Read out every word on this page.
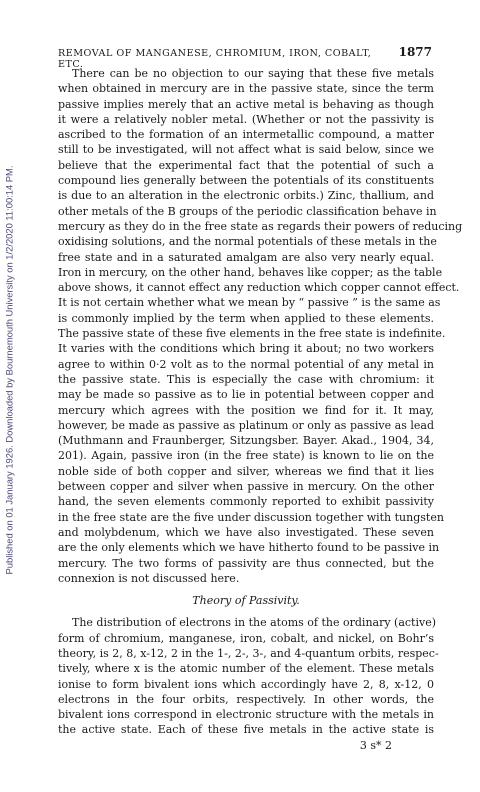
Published on 01 January 1926. Downloaded by Bournemouth University on 1/2/2020 11:00:14 PM.
REMOVAL OF MANGANESE, CHROMIUM, IRON, COBALT, ETC.
1877
There can be no objection to our saying that these five metals
when obtained in mercury are in the passive state, since the term
passive implies merely that an active metal is behaving as though
it were a relatively nobler metal. (Whether or not the passivity is
ascribed to the formation of an intermetallic compound, a matter
still to be investigated, will not affect what is said below, since we
believe that the experimental fact that the potential of such a
compound lies generally between the potentials of its constituents
is due to an alteration in the electronic orbits.) Zinc, thallium, and
other metals of the B groups of the periodic classification behave in
mercury as they do in the free state as regards their powers of reducing
oxidising solutions, and the normal potentials of these metals in the
free state and in a saturated amalgam are also very nearly equal.
Iron in mercury, on the other hand, behaves like copper; as the table
above shows, it cannot effect any reduction which copper cannot effect.
It is not certain whether what we mean by “ passive ” is the same as
is commonly implied by the term when applied to these elements.
The passive state of these five elements in the free state is indefinite.
It varies with the conditions which bring it about; no two workers
agree to within 0·2 volt as to the normal potential of any metal in
the passive state. This is especially the case with chromium: it
may be made so passive as to lie in potential between copper and
mercury which agrees with the position we find for it. It may,
however, be made as passive as platinum or only as passive as lead
(Muthmann and Fraunberger, Sitzungsber. Bayer. Akad., 1904, 34,
201). Again, passive iron (in the free state) is known to lie on the
noble side of both copper and silver, whereas we find that it lies
between copper and silver when passive in mercury. On the other
hand, the seven elements commonly reported to exhibit passivity
in the free state are the five under discussion together with tungsten
and molybdenum, which we have also investigated. These seven
are the only elements which we have hitherto found to be passive in
mercury. The two forms of passivity are thus connected, but the
connexion is not discussed here.
Theory of Passivity.
The distribution of electrons in the atoms of the ordinary (active)
form of chromium, manganese, iron, cobalt, and nickel, on Bohr’s
theory, is 2, 8, x-12, 2 in the 1-, 2-, 3-, and 4-quantum orbits, respec-
tively, where x is the atomic number of the element. These metals
ionise to form bivalent ions which accordingly have 2, 8, x-12, 0
electrons in the four orbits, respectively. In other words, the
bivalent ions correspond in electronic structure with the metals in
the active state. Each of these five metals in the active state is
3 s* 2
